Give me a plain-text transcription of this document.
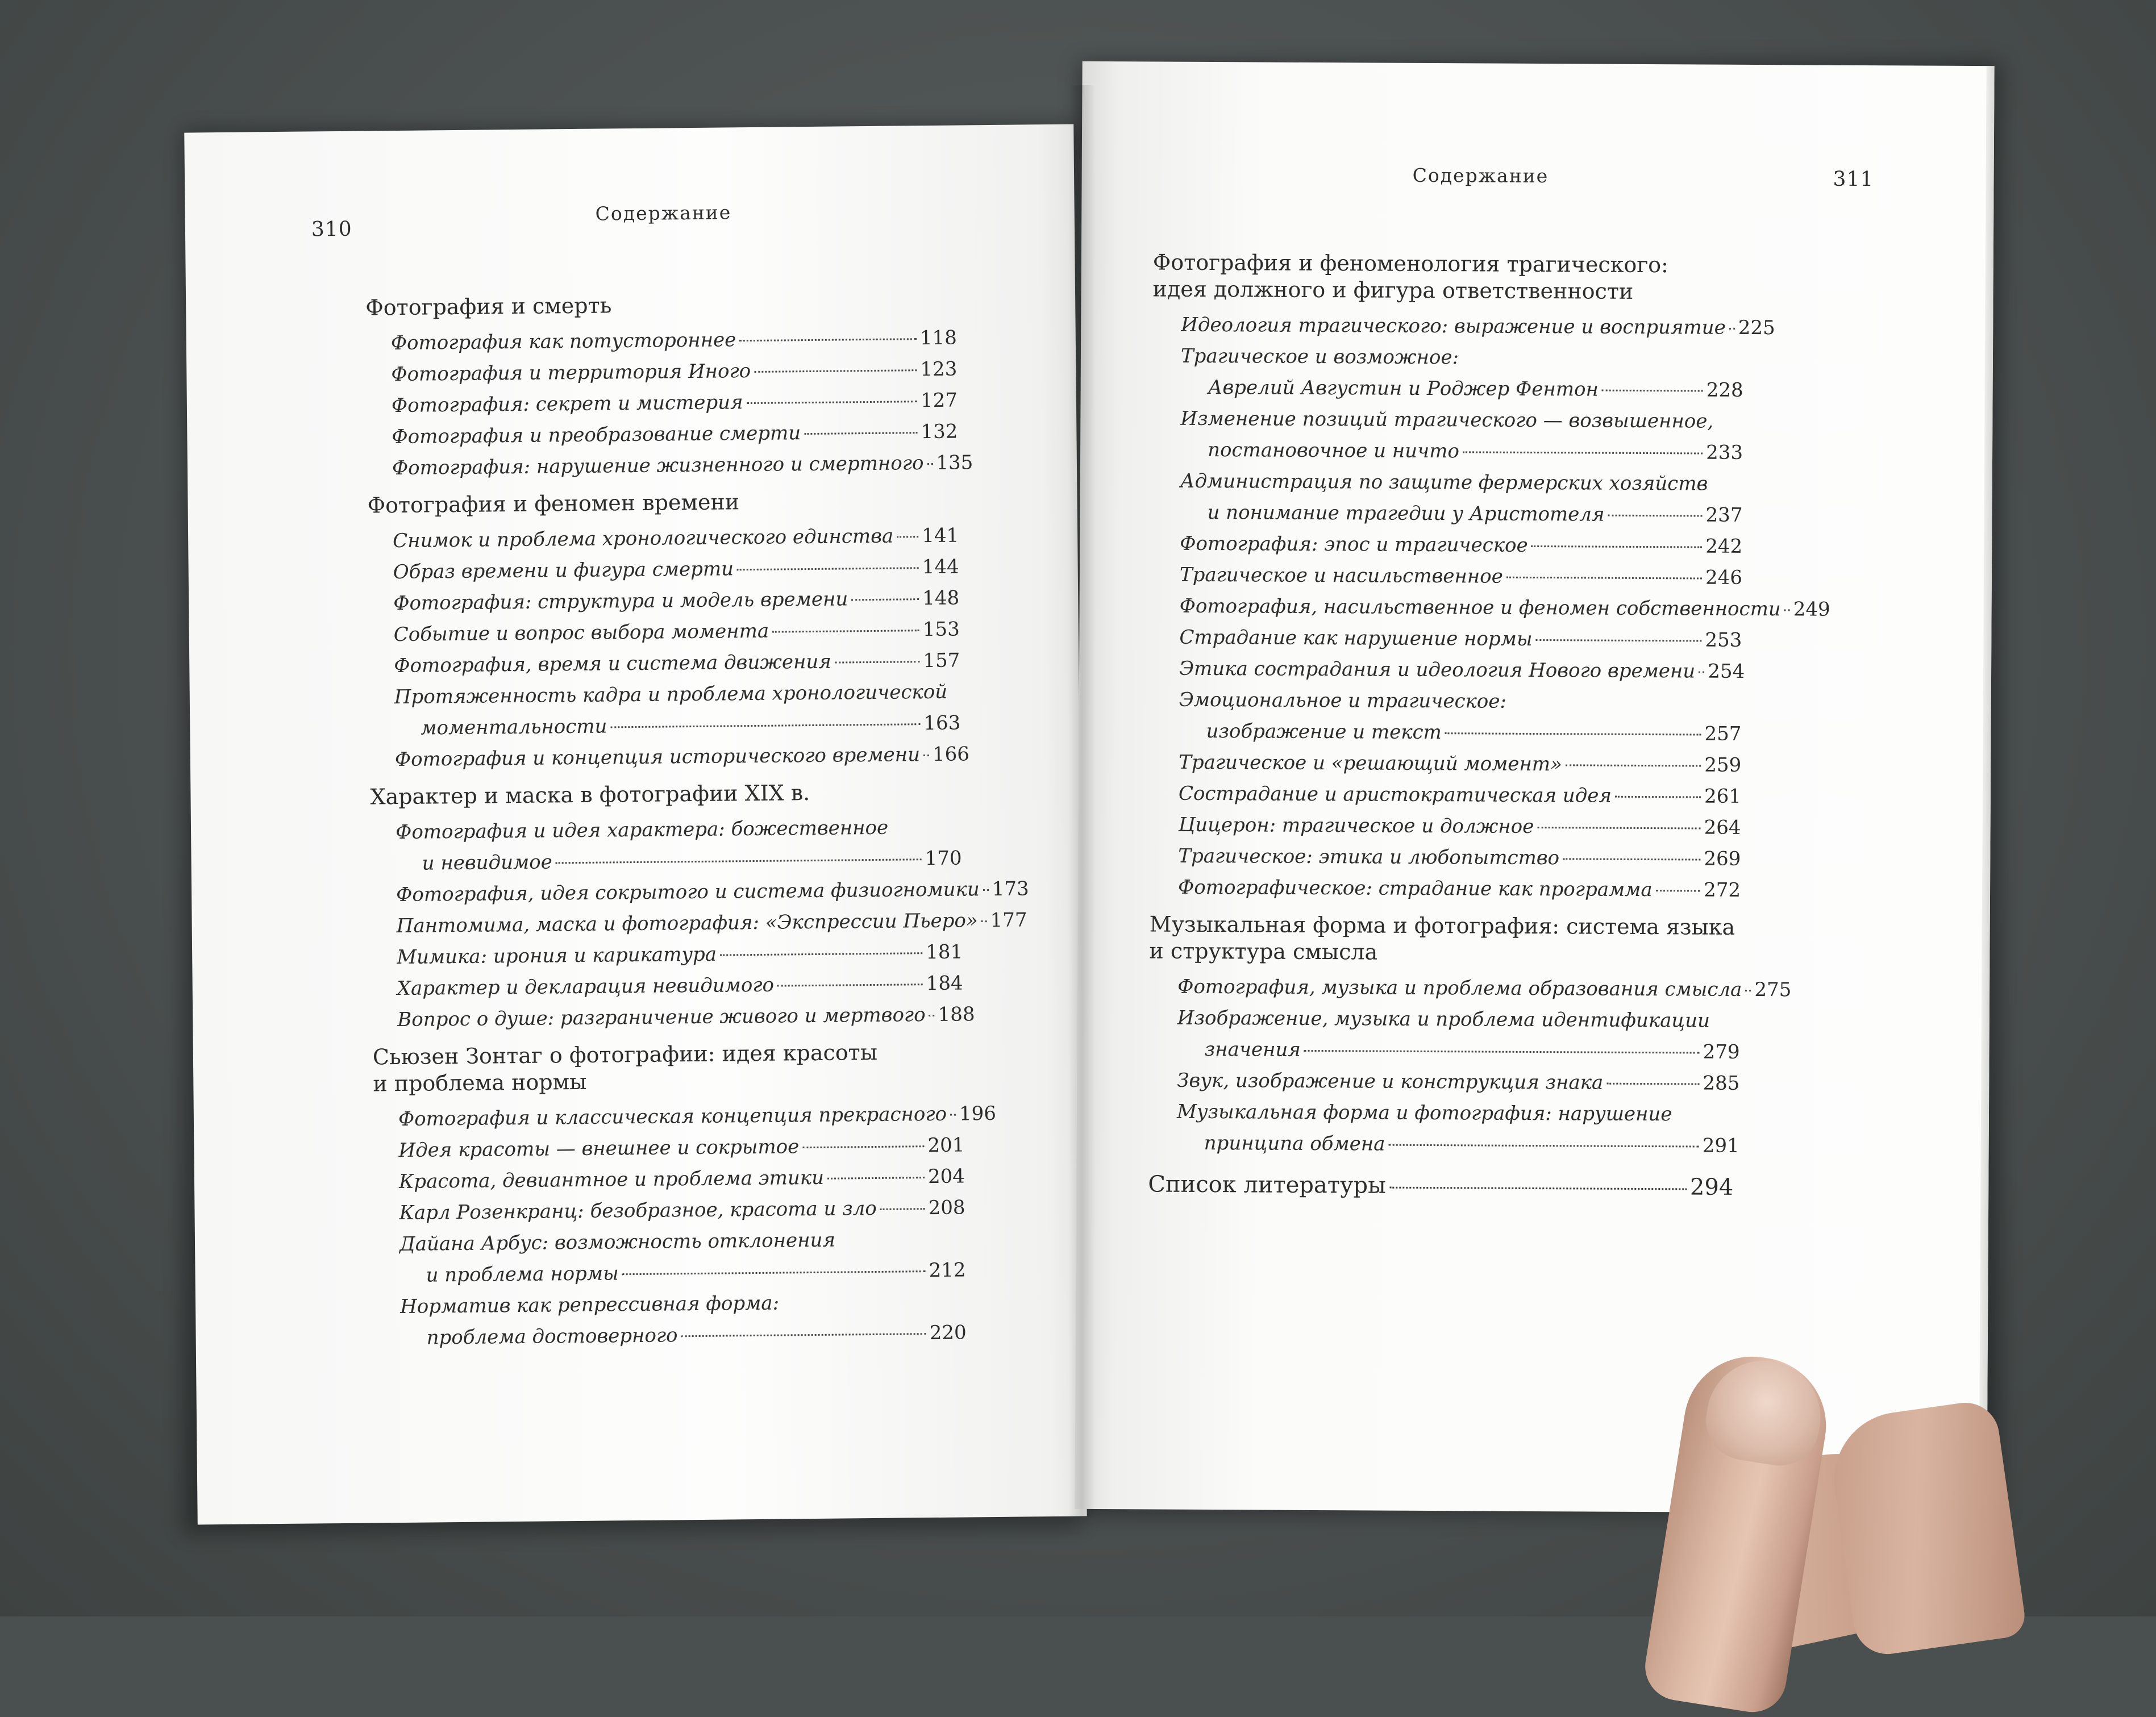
310
Содержание
Фотография и смерть
Фотография как потустороннее	118
Фотография и территория Иного	123
Фотография: секрет и мистерия	127
Фотография и преобразование смерти	132
Фотография: нарушение жизненного и смертного 135
Фотография и феномен времени
Снимок и проблема хронологического единства 141
Образ времени и фигура смерти	144
Фотография: структура и модель времени	148
Событие и вопрос выбора момента	153
Фотография, время и система движения	157
Протяженность кадра и проблема хронологической
моментальности	163
Фотография и концепция исторического времени 166
Характер и маска в фотографии XIX в.
Фотография и идея характера: божественное
и невидимое	170
Фотография, идея сокрытого и система физиогномики 173
Пантомима, маска и фотография: «Экспрессии Пьеро» 177
Мимика: ирония и карикатура	181
Характер и декларация невидимого	184
Вопрос о душе: разграничение живого и мертвого 188
Сьюзен Зонтаг о фотографии: идея красоты
и проблема нормы
Фотография и классическая концепция прекрасного 196
Идея красоты — внешнее и сокрытое	201
Красота, девиантное и проблема этики	204
Карл Розенкранц: безобразное, красота и зло	208
Дайана Арбус: возможность отклонения
и проблема нормы	212
Норматив как репрессивная форма:
проблема достоверного	220
Содержание	311
Фотография и феноменология трагического:
идея должного и фигура ответственности
Идеология трагического: выражение и восприятие 225
Трагическое и возможное:
Аврелий Августин и Роджер Фентон	228
Изменение позиций трагического — возвышенное,
постановочное и ничто	233
Администрация по защите фермерских хозяйств
и понимание трагедии у Аристотеля	237
Фотография: эпос и трагическое	242
Трагическое и насильственное	246
Фотография, насильственное и феномен собственности 249
Страдание как нарушение нормы	253
Этика сострадания и идеология Нового времени 254
Эмоциональное и трагическое:
изображение и текст	257
Трагическое и «решающий момент»	259
Сострадание и аристократическая идея	261
Цицерон: трагическое и должное	264
Трагическое: этика и любопытство	269
Фотографическое: страдание как программа	272
Музыкальная форма и фотография: система языка
и структура смысла
Фотография, музыка и проблема образования смысла 275
Изображение, музыка и проблема идентификации
значения	279
Звук, изображение и конструкция знака	285
Музыкальная форма и фотография: нарушение
принципа обмена	291
Список литературы	294
